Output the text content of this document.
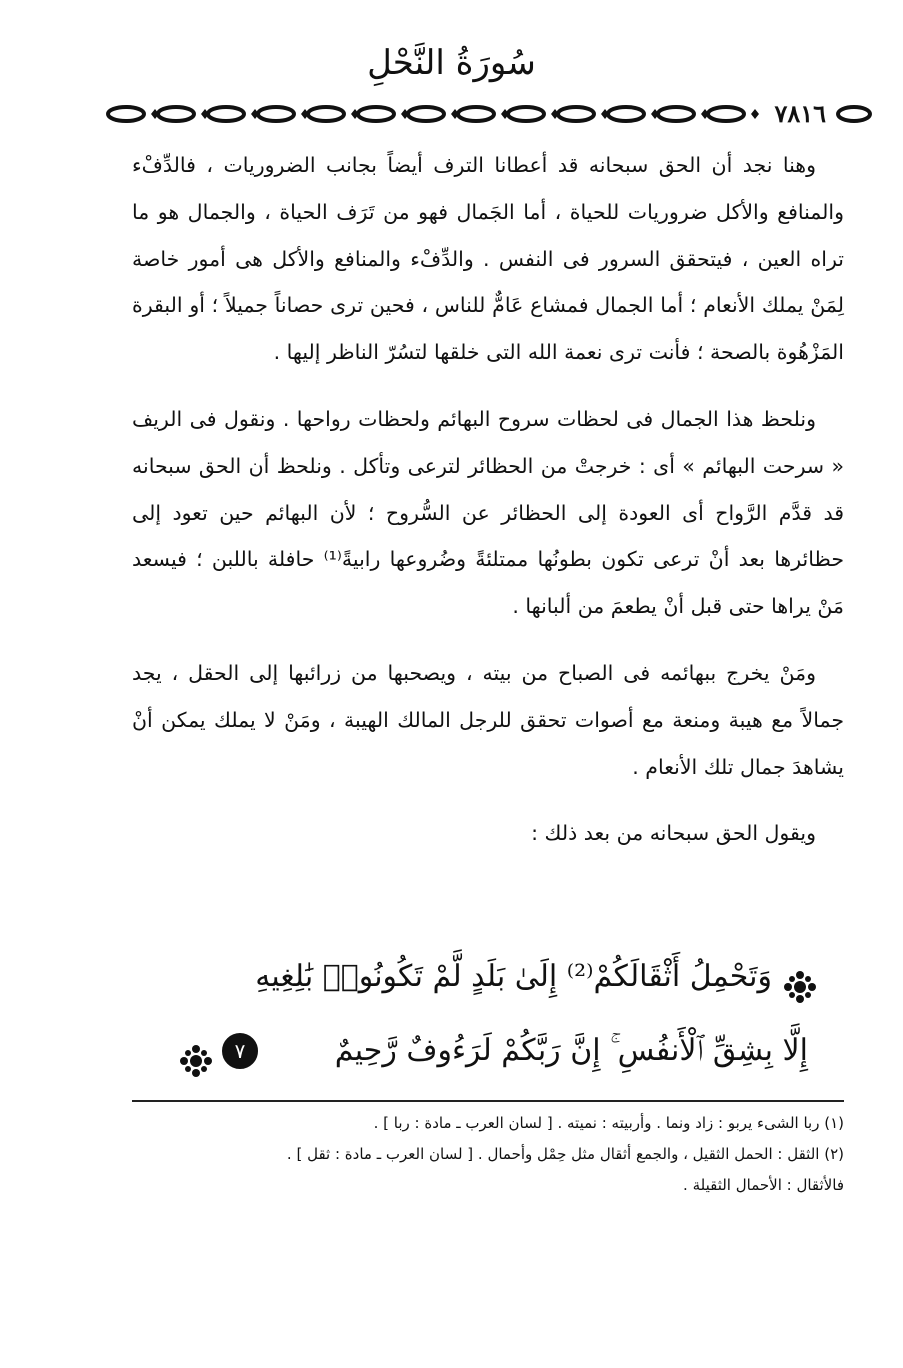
سُورَةُ النَّحْلِ
٧٨١٦

وهنا نجد أن الحق سبحانه قد أعطانا الترف أيضاً بجانب الضروريات ، فالدِّفْء والمنافع والأكل ضروريات للحياة ، أما الجَمال فهو من تَرَف الحياة ، والجمال هو ما تراه العين ، فيتحقق السرور فى النفس . والدِّفْء والمنافع والأكل هى أمور خاصة لِمَنْ يملك الأنعام ؛ أما الجمال فمشاع عَامٌّ للناس ، فحين ترى حصاناً جميلاً ؛ أو البقرة المَزْهُوة بالصحة ؛ فأنت ترى نعمة الله التى خلقها لتسُرّ الناظر إليها .

ونلحظ هذا الجمال فى لحظات سروح البهائم ولحظات رواحها . ونقول فى الريف « سرحت البهائم » أى : خرجتْ من الحظائر لترعى وتأكل . ونلحظ أن الحق سبحانه قد قدَّم الرَّواح أى العودة إلى الحظائر عن السُّروح ؛ لأن البهائم حين تعود إلى حظائرها بعد أنْ ترعى تكون بطونُها ممتلئةً وضُروعها رابيةً⁽¹⁾ حافلة باللبن ؛ فيسعد مَنْ يراها حتى قبل أنْ يطعمَ من ألبانها .

ومَنْ يخرج ببهائمه فى الصباح من بيته ، ويصحبها من زرائبها إلى الحقل ، يجد جمالاً مع هيبة ومنعة مع أصوات تحقق للرجل المالك الهيبة ، ومَنْ لا يملك يمكن أنْ يشاهدَ جمال تلك الأنعام .

ويقول الحق سبحانه من بعد ذلك :

وَتَحْمِلُ أَثْقَالَكُمْ⁽²⁾ إِلَىٰ بَلَدٍ لَّمْ تَكُونُوا۟ بَٰلِغِيهِ
إِلَّا بِشِقِّ ٱلْأَنفُسِ ۚ إِنَّ رَبَّكُمْ لَرَءُوفٌ رَّحِيمٌ
٧

(١) ربا الشىء يربو : زاد ونما . وأربيته : نميته . [ لسان العرب ـ مادة : ربا ] .

(٢) الثقل : الحمل الثقيل ، والجمع أثقال مثل حِمْل وأحمال . [ لسان العرب ـ مادة : ثقل ] .

فالأثقال : الأحمال الثقيلة .
